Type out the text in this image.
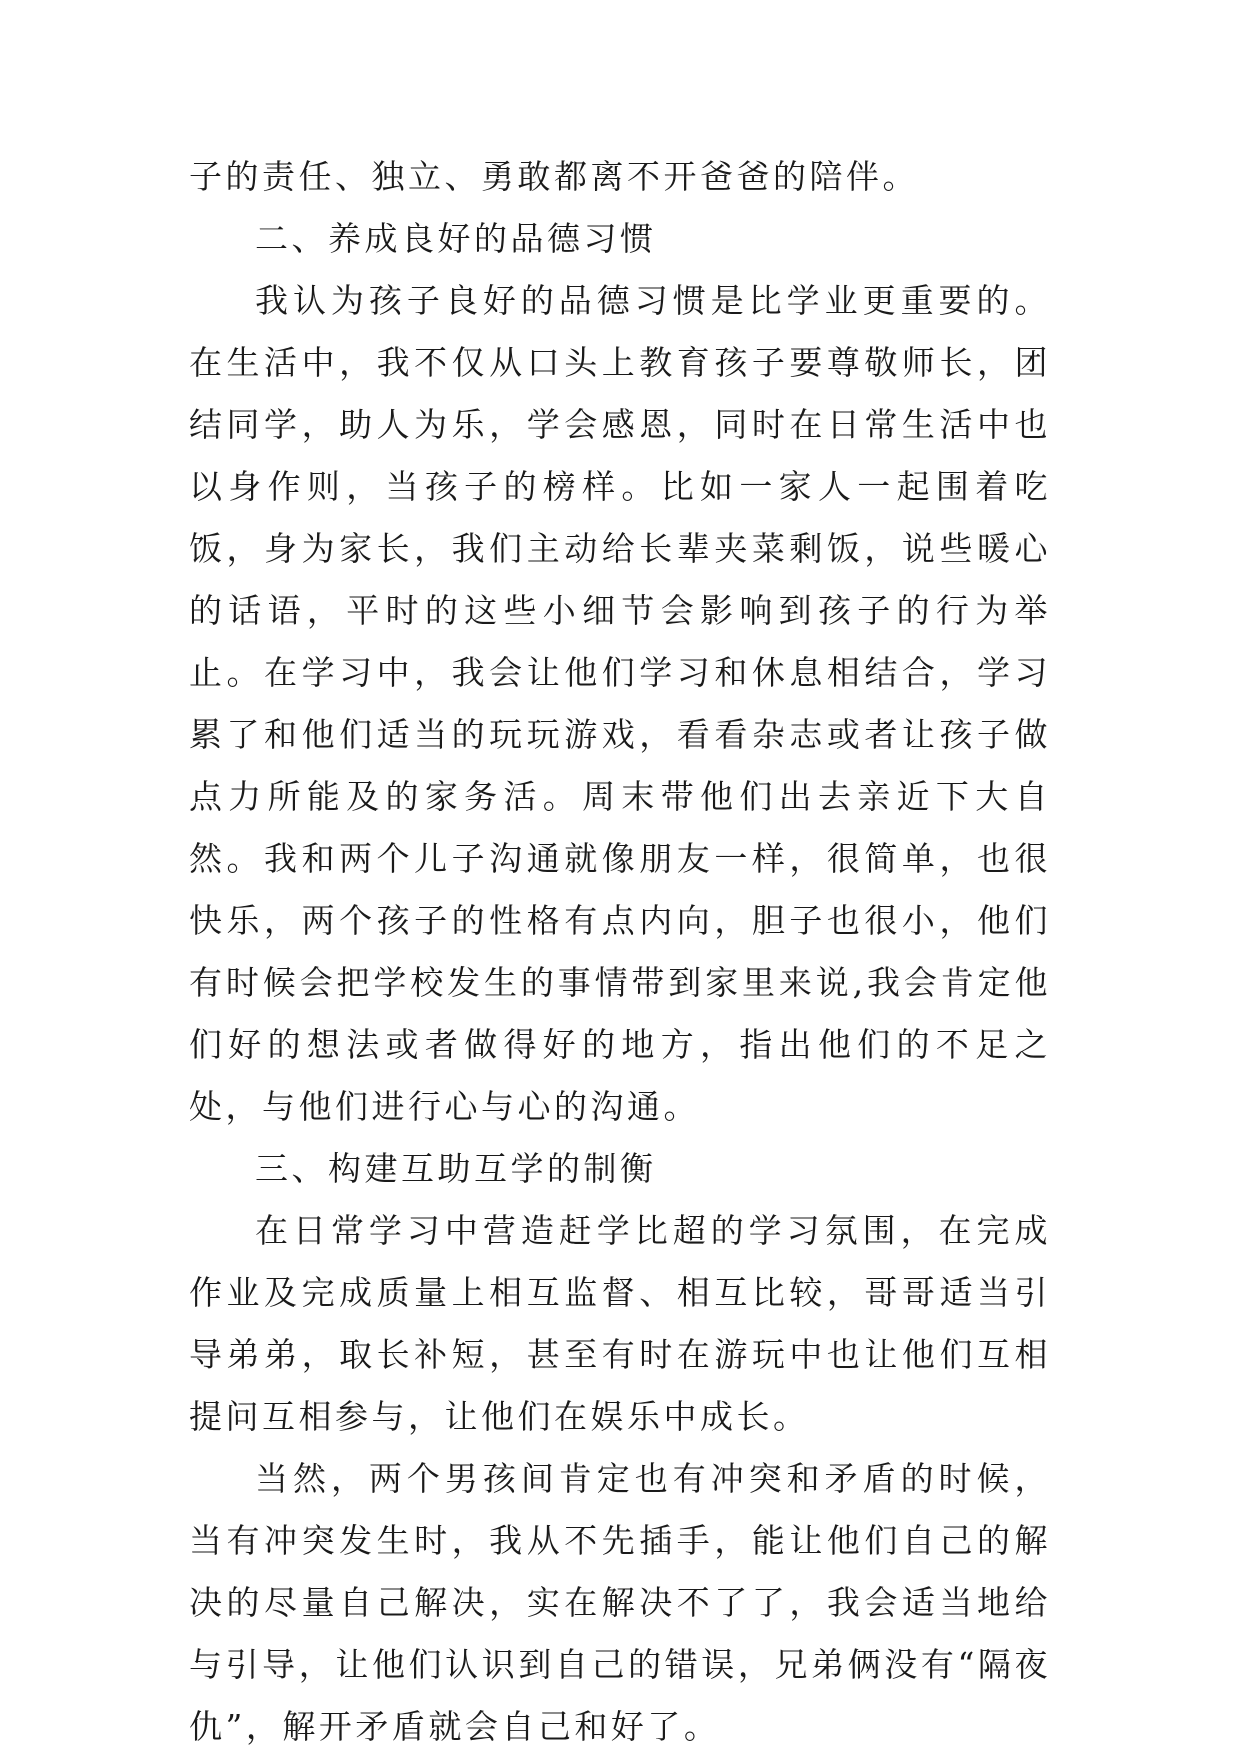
子的责任、独立、勇敢都离不开爸爸的陪伴。

二、养成良好的品德习惯

我认为孩子良好的品德习惯是比学业更重要的。在生活中，我不仅从口头上教育孩子要尊敬师长，团结同学，助人为乐，学会感恩，同时在日常生活中也以身作则，当孩子的榜样。比如一家人一起围着吃饭，身为家长，我们主动给长辈夹菜剩饭，说些暖心的话语，平时的这些小细节会影响到孩子的行为举止。在学习中，我会让他们学习和休息相结合，学习累了和他们适当的玩玩游戏，看看杂志或者让孩子做点力所能及的家务活。周末带他们出去亲近下大自然。我和两个儿子沟通就像朋友一样，很简单，也很快乐，两个孩子的性格有点内向，胆子也很小，他们有时候会把学校发生的事情带到家里来说,我会肯定他们好的想法或者做得好的地方，指出他们的不足之处，与他们进行心与心的沟通。

三、构建互助互学的制衡

在日常学习中营造赶学比超的学习氛围，在完成作业及完成质量上相互监督、相互比较，哥哥适当引导弟弟，取长补短，甚至有时在游玩中也让他们互相提问互相参与，让他们在娱乐中成长。

当然，两个男孩间肯定也有冲突和矛盾的时候，当有冲突发生时，我从不先插手，能让他们自己的解决的尽量自己解决，实在解决不了了，我会适当地给与引导，让他们认识到自己的错误，兄弟俩没有“隔夜仇”，解开矛盾就会自己和好了。
